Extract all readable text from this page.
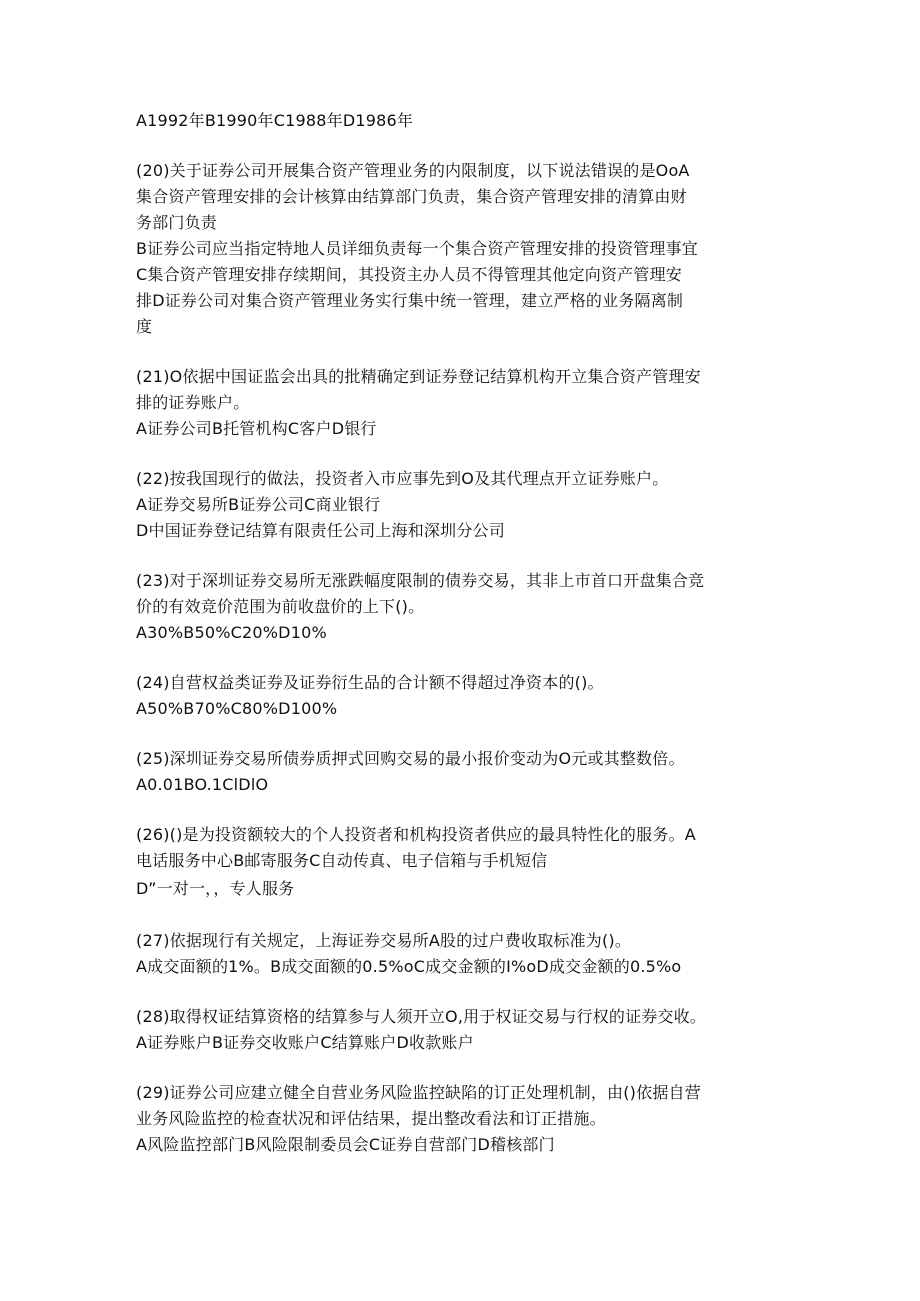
A1992年B1990年C1988年D1986年
(20)关于证券公司开展集合资产管理业务的内限制度，以下说法错误的是OoA
集合资产管理安排的会计核算由结算部门负责，集合资产管理安排的清算由财
务部门负责
B证券公司应当指定特地人员详细负责每一个集合资产管理安排的投资管理事宜
C集合资产管理安排存续期间，其投资主办人员不得管理其他定向资产管理安
排D证券公司对集合资产管理业务实行集中统一管理，建立严格的业务隔离制
度
(21)O依据中国证监会出具的批精确定到证券登记结算机构开立集合资产管理安
排的证券账户。
A证券公司B托管机构C客户D银行
(22)按我国现行的做法，投资者入市应事先到O及其代理点开立证券账户。
A证券交易所B证券公司C商业银行
D中国证券登记结算有限责任公司上海和深圳分公司
(23)对于深圳证券交易所无涨跌幅度限制的债券交易，其非上市首口开盘集合竞
价的有效竞价范围为前收盘价的上下()。
A30%B50%C20%D10%
(24)自营权益类证券及证券衍生品的合计额不得超过净资本的()。
A50%B70%C80%D100%
(25)深圳证券交易所债券质押式回购交易的最小报价变动为O元或其整数倍。
A0.01BO.1ClDlO
(26)()是为投资额较大的个人投资者和机构投资者供应的最具特性化的服务。A
电话服务中心B邮寄服务C自动传真、电子信箱与手机短信
D”一对一，，专人服务
(27)依据现行有关规定，上海证券交易所A股的过户费收取标准为()。
A成交面额的1%。B成交面额的0.5%oC成交金额的I%oD成交金额的0.5%o
(28)取得权证结算资格的结算参与人须开立O,用于权证交易与行权的证券交收。
A证券账户B证券交收账户C结算账户D收款账户
(29)证券公司应建立健全自营业务风险监控缺陷的订正处理机制，由()依据自营
业务风险监控的检查状况和评估结果，提出整改看法和订正措施。
A风险监控部门B风险限制委员会C证券自营部门D稽核部门
